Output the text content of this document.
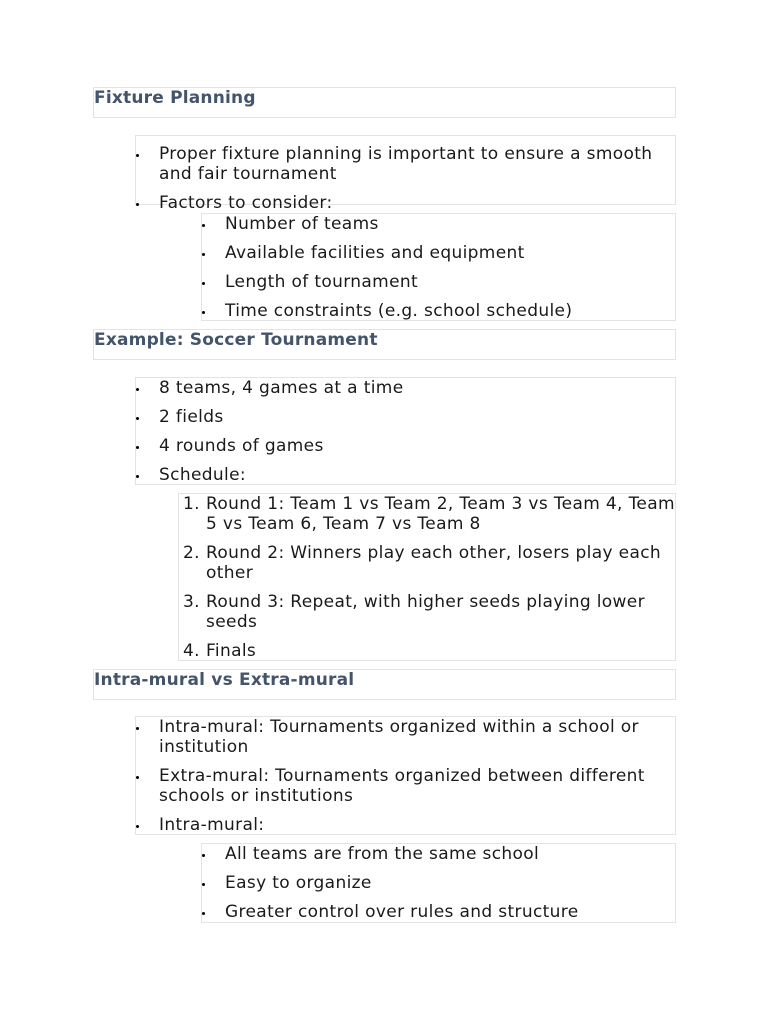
Fixture Planning
Proper fixture planning is important to ensure a smooth and fair tournament
Factors to consider:
Number of teams
Available facilities and equipment
Length of tournament
Time constraints (e.g. school schedule)
Example: Soccer Tournament
8 teams, 4 games at a time
2 fields
4 rounds of games
Schedule:
1. Round 1: Team 1 vs Team 2, Team 3 vs Team 4, Team 5 vs Team 6, Team 7 vs Team 8
2. Round 2: Winners play each other, losers play each other
3. Round 3: Repeat, with higher seeds playing lower seeds
4. Finals
Intra-mural vs Extra-mural
Intra-mural: Tournaments organized within a school or institution
Extra-mural: Tournaments organized between different schools or institutions
Intra-mural:
All teams are from the same school
Easy to organize
Greater control over rules and structure
